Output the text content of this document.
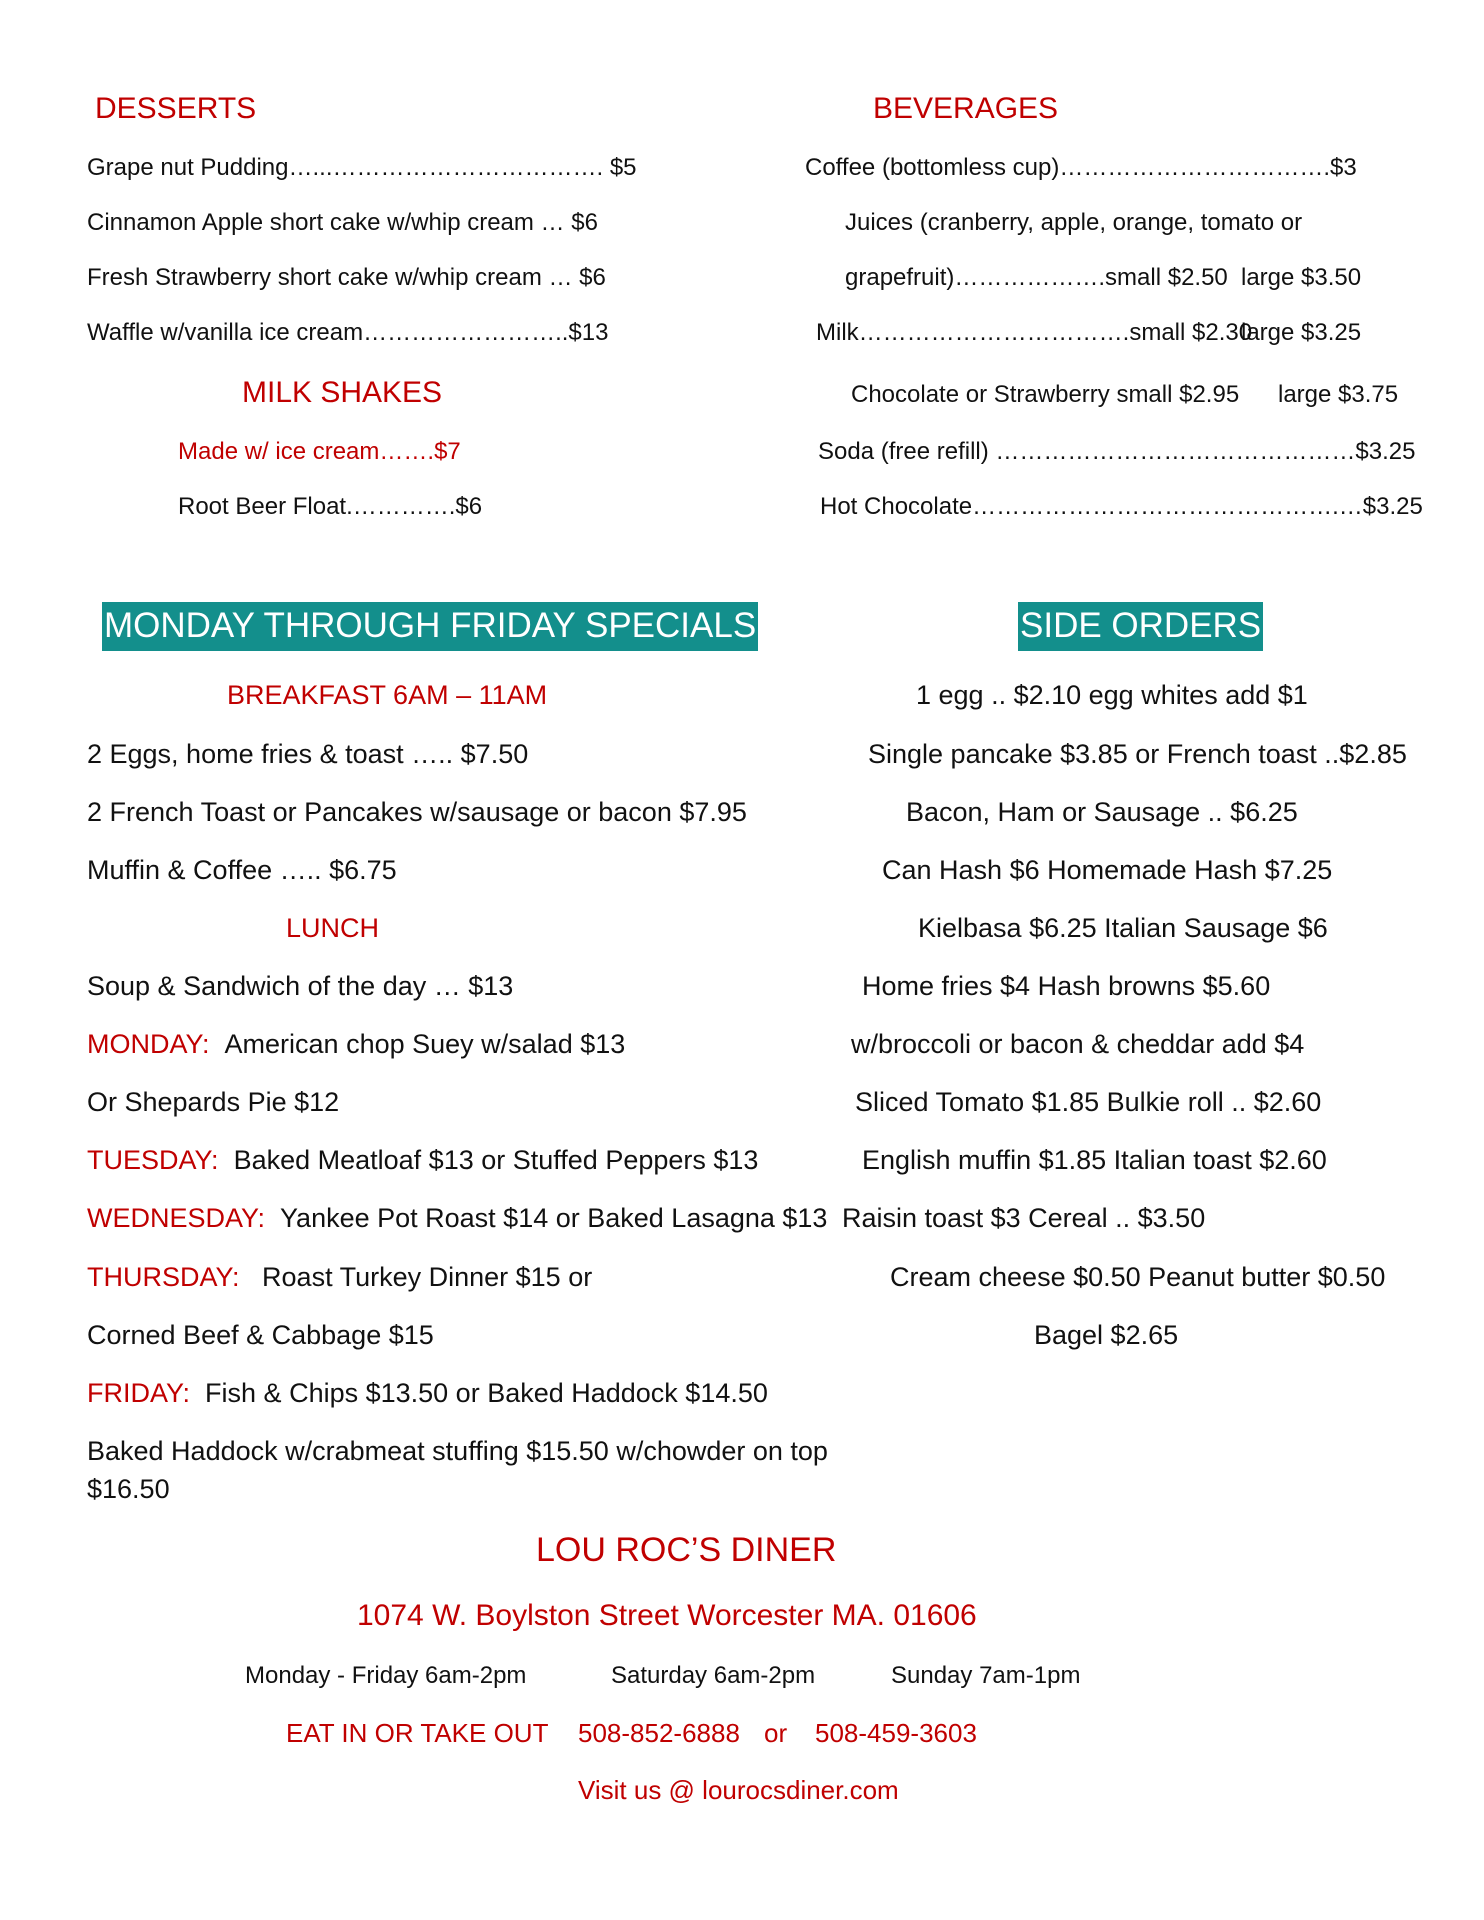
DESSERTS
Grape nut Pudding…...……………………………. $5
Cinnamon Apple short cake w/whip cream … $6
Fresh Strawberry short cake w/whip cream … $6
Waffle w/vanilla ice cream……………………..$13
MILK SHAKES
Made w/ ice cream…….$7
Root Beer Float.………….$6
BEVERAGES
Coffee (bottomless cup)…………………………….$3
Juices (cranberry, apple, orange, tomato or
grapefruit)……………….small $2.50 large $3.50
Milk…………………………….small $2.30
large $3.25
Chocolate or Strawberry small $2.95 large $3.75
Soda (free refill) ………………………………………$3.25
Hot Chocolate……………………………………….…$3.25
MONDAY THROUGH FRIDAY SPECIALS
BREAKFAST 6AM – 11AM
2 Eggs, home fries & toast ….. $7.50
2 French Toast or Pancakes w/sausage or bacon $7.95
Muffin & Coffee ….. $6.75
LUNCH
Soup & Sandwich of the day … $13
MONDAY: American chop Suey w/salad $13
Or Shepards Pie $12
TUESDAY: Baked Meatloaf $13 or Stuffed Peppers $13
WEDNESDAY: Yankee Pot Roast $14 or Baked Lasagna $13
THURSDAY: Roast Turkey Dinner $15 or
Corned Beef & Cabbage $15
FRIDAY: Fish & Chips $13.50 or Baked Haddock $14.50
Baked Haddock w/crabmeat stuffing $15.50 w/chowder on top
$16.50
SIDE ORDERS
1 egg .. $2.10 egg whites add $1
Single pancake $3.85 or French toast ..$2.85
Bacon, Ham or Sausage .. $6.25
Can Hash $6 Homemade Hash $7.25
Kielbasa $6.25 Italian Sausage $6
Home fries $4 Hash browns $5.60
w/broccoli or bacon & cheddar add $4
Sliced Tomato $1.85 Bulkie roll .. $2.60
English muffin $1.85 Italian toast $2.60
Raisin toast $3 Cereal .. $3.50
Cream cheese $0.50 Peanut butter $0.50
Bagel $2.65
LOU ROC’S DINER
1074 W. Boylston Street Worcester MA. 01606
Monday - Friday 6am-2pm	Saturday 6am-2pm	Sunday 7am-1pm
EAT IN OR TAKE OUT 508-852-6888 or 508-459-3603
Visit us @ lourocsdiner.com
